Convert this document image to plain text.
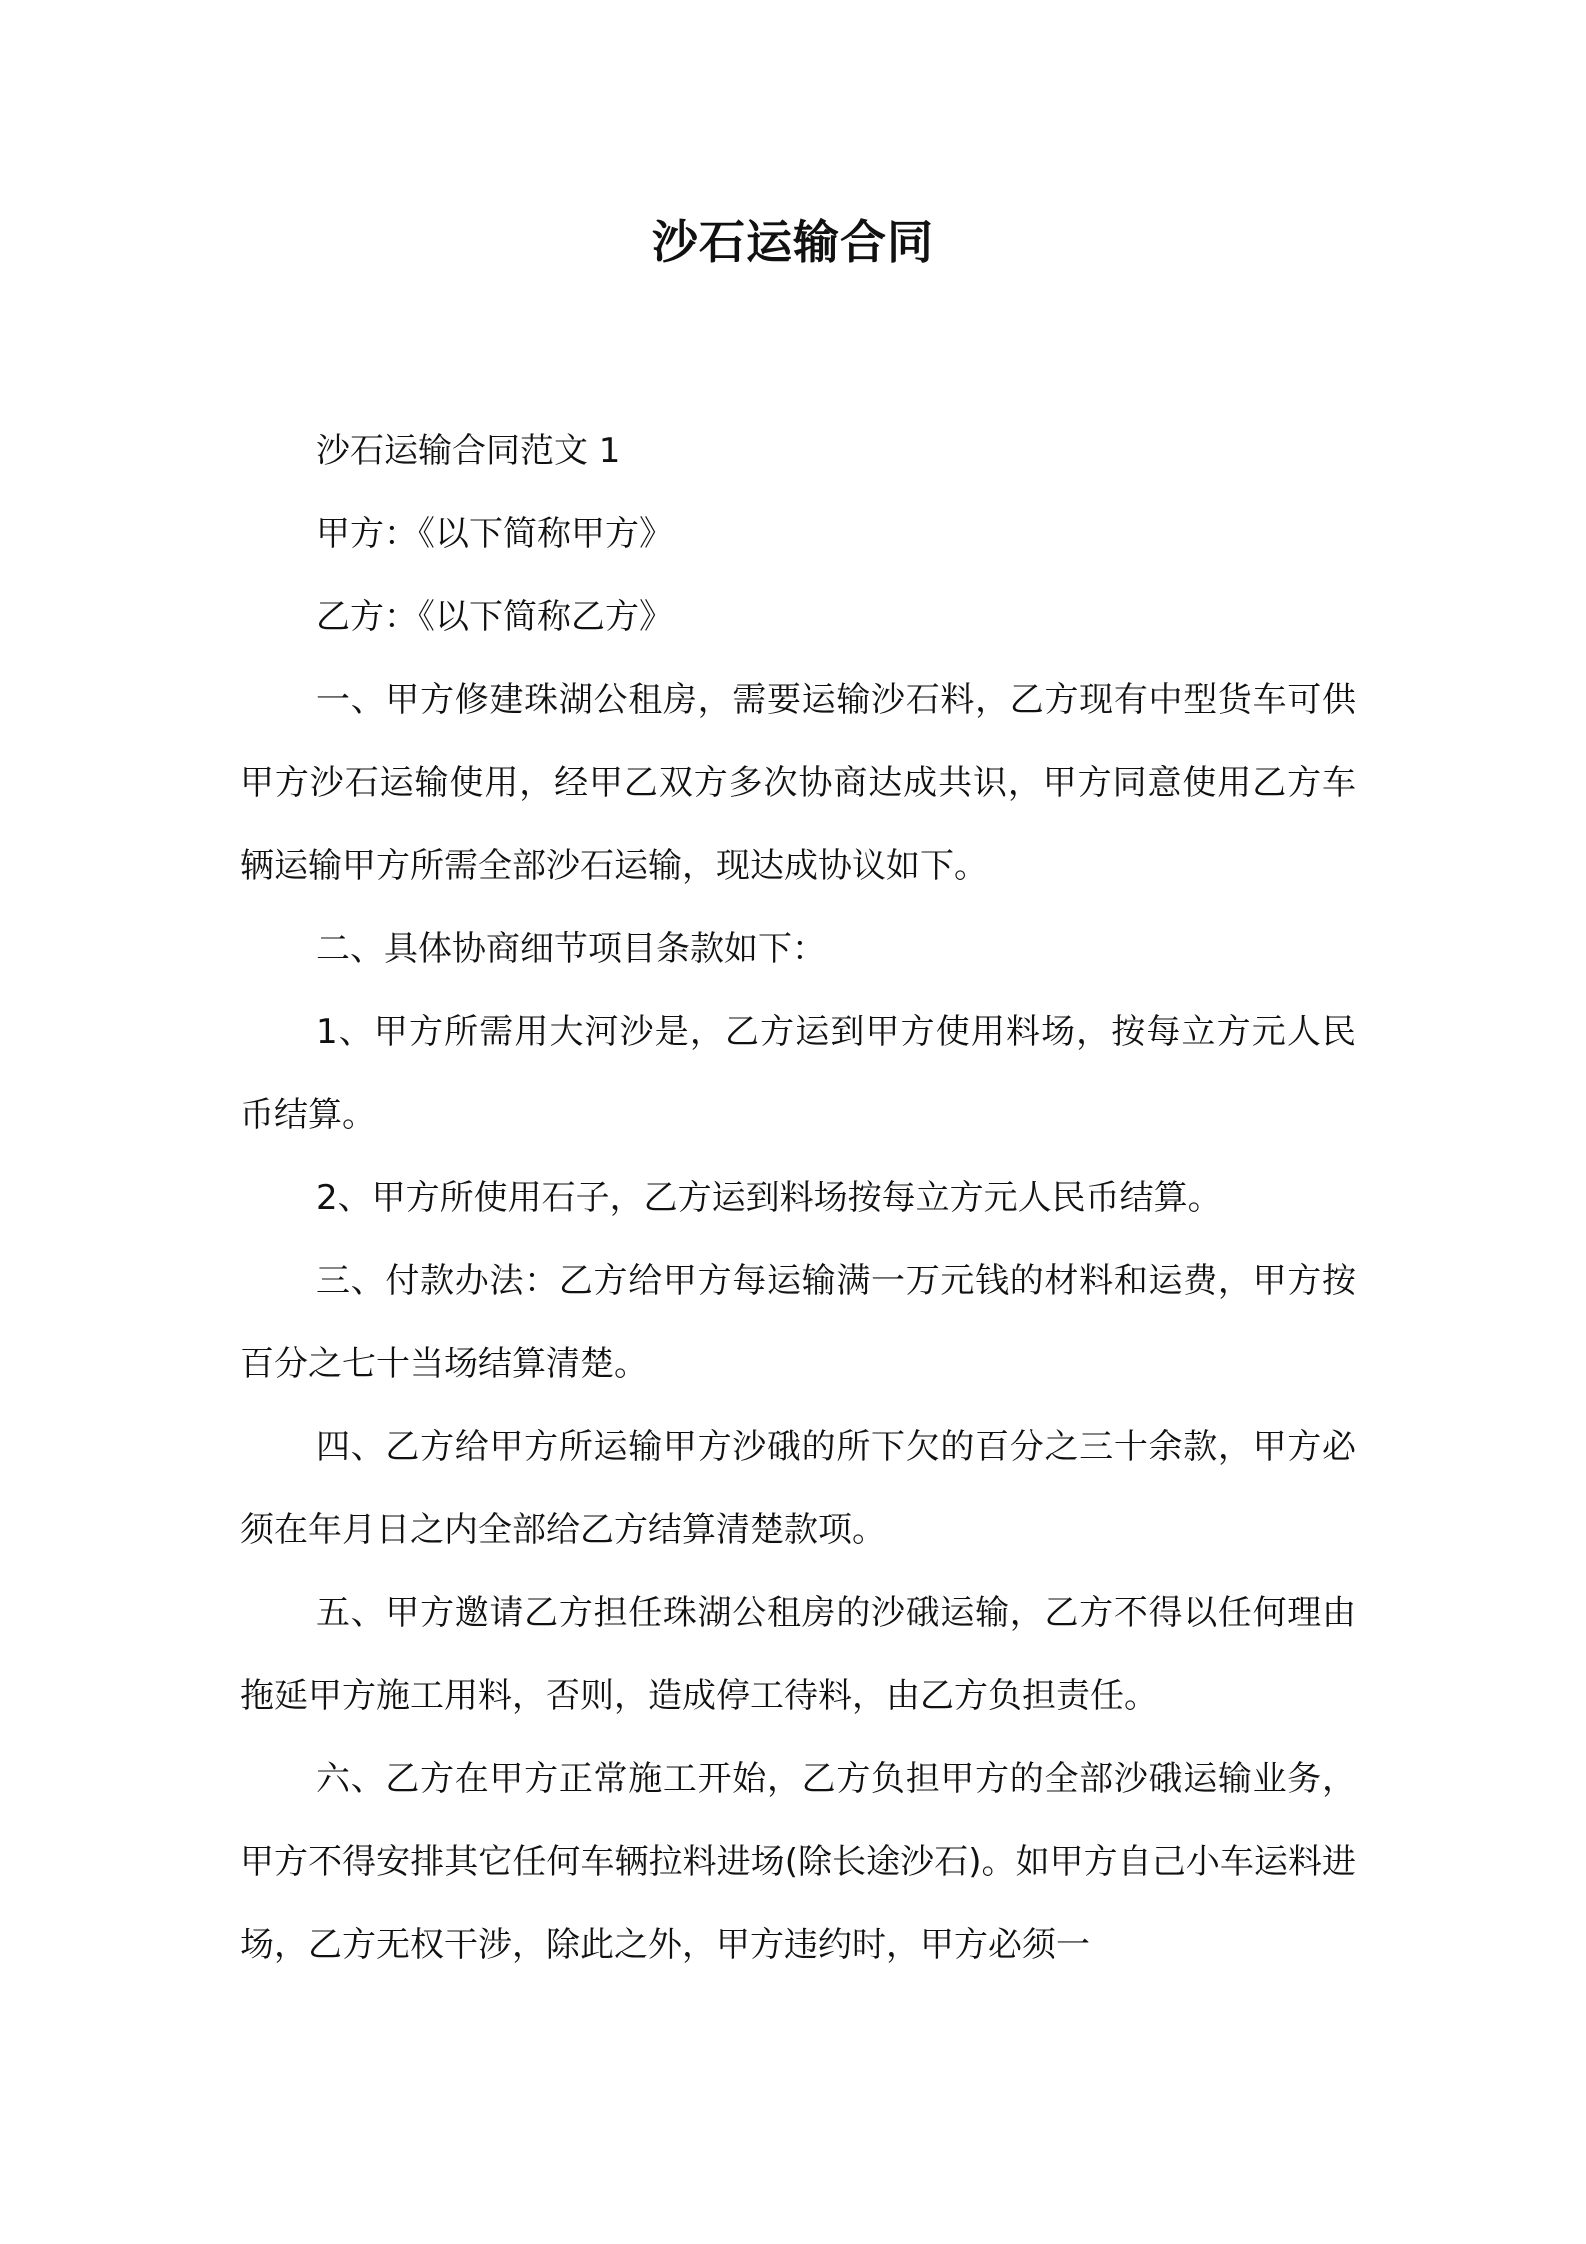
沙石运输合同

沙石运输合同范文 1

甲方：《以下简称甲方》

乙方：《以下简称乙方》

一、甲方修建珠湖公租房，需要运输沙石料，乙方现有中型货车可供甲方沙石运输使用，经甲乙双方多次协商达成共识，甲方同意使用乙方车辆运输甲方所需全部沙石运输，现达成协议如下。

二、具体协商细节项目条款如下：

1、甲方所需用大河沙是，乙方运到甲方使用料场，按每立方元人民币结算。

2、甲方所使用石子，乙方运到料场按每立方元人民币结算。

三、付款办法：乙方给甲方每运输满一万元钱的材料和运费，甲方按百分之七十当场结算清楚。

四、乙方给甲方所运输甲方沙硪的所下欠的百分之三十余款，甲方必须在年月日之内全部给乙方结算清楚款项。

五、甲方邀请乙方担任珠湖公租房的沙硪运输，乙方不得以任何理由拖延甲方施工用料，否则，造成停工待料，由乙方负担责任。

六、乙方在甲方正常施工开始，乙方负担甲方的全部沙硪运输业务，甲方不得安排其它任何车辆拉料进场(除长途沙石)。如甲方自己小车运料进场，乙方无权干涉，除此之外，甲方违约时，甲方必须一
